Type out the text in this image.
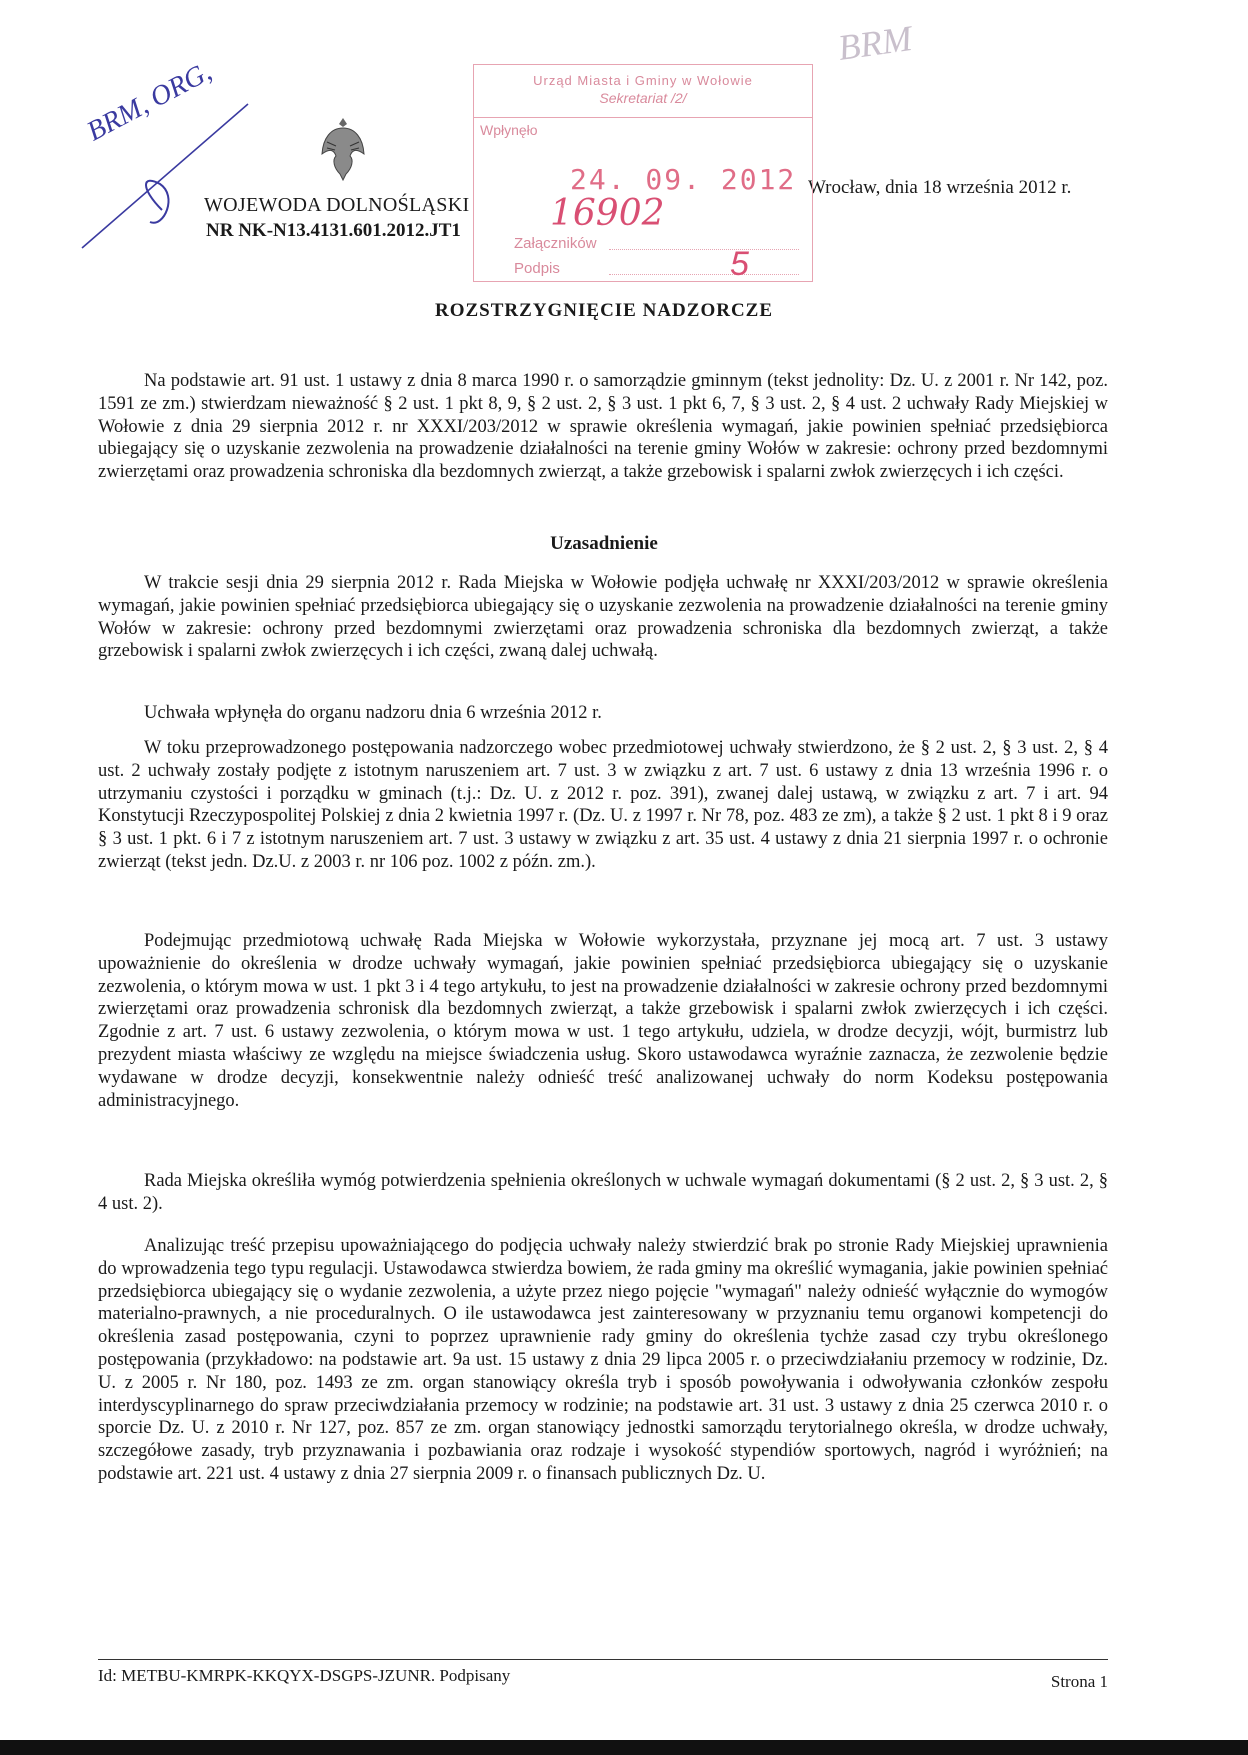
BRM
BRM, ORG,
WOJEWODA DOLNOŚLĄSKI
NR NK-N13.4131.601.2012.JT1
Wrocław, dnia 18 września 2012 r.
Urząd Miasta i Gminy w Wołowie
Sekretariat /2/
Wpłynęło
24. 09. 2012
16902
Załączników
Podpis	5
ROZSTRZYGNIĘCIE NADZORCZE

Na podstawie art. 91 ust. 1 ustawy z dnia 8 marca 1990 r. o samorządzie gminnym (tekst jednolity: Dz. U. z 2001 r. Nr 142, poz. 1591 ze zm.) stwierdzam nieważność § 2 ust. 1 pkt 8, 9, § 2 ust. 2, § 3 ust. 1 pkt 6, 7, § 3 ust. 2, § 4 ust. 2 uchwały Rady Miejskiej w Wołowie z dnia 29 sierpnia 2012 r. nr XXXI/203/2012 w sprawie określenia wymagań, jakie powinien spełniać przedsiębiorca ubiegający się o uzyskanie zezwolenia na prowadzenie działalności na terenie gminy Wołów w zakresie: ochrony przed bezdomnymi zwierzętami oraz prowadzenia schroniska dla bezdomnych zwierząt, a także grzebowisk i spalarni zwłok zwierzęcych i ich części.

Uzasadnienie

W trakcie sesji dnia 29 sierpnia 2012 r. Rada Miejska w Wołowie podjęła uchwałę nr XXXI/203/2012 w sprawie określenia wymagań, jakie powinien spełniać przedsiębiorca ubiegający się o uzyskanie zezwolenia na prowadzenie działalności na terenie gminy Wołów w zakresie: ochrony przed bezdomnymi zwierzętami oraz prowadzenia schroniska dla bezdomnych zwierząt, a także grzebowisk i spalarni zwłok zwierzęcych i ich części, zwaną dalej uchwałą.

Uchwała wpłynęła do organu nadzoru dnia 6 września 2012 r.

W toku przeprowadzonego postępowania nadzorczego wobec przedmiotowej uchwały stwierdzono, że § 2 ust. 2, § 3 ust. 2, § 4 ust. 2 uchwały zostały podjęte z istotnym naruszeniem art. 7 ust. 3 w związku z art. 7 ust. 6 ustawy z dnia 13 września 1996 r. o utrzymaniu czystości i porządku w gminach (t.j.: Dz. U. z 2012 r. poz. 391), zwanej dalej ustawą, w związku z art. 7 i art. 94 Konstytucji Rzeczypospolitej Polskiej z dnia 2 kwietnia 1997 r. (Dz. U. z 1997 r. Nr 78, poz. 483 ze zm), a także § 2 ust. 1 pkt 8 i 9 oraz § 3 ust. 1 pkt. 6 i 7 z istotnym naruszeniem art. 7 ust. 3 ustawy w związku z art. 35 ust. 4 ustawy z dnia 21 sierpnia 1997 r. o ochronie zwierząt (tekst jedn. Dz.U. z 2003 r. nr 106 poz. 1002 z późn. zm.).

Podejmując przedmiotową uchwałę Rada Miejska w Wołowie wykorzystała, przyznane jej mocą art. 7 ust. 3 ustawy upoważnienie do określenia w drodze uchwały wymagań, jakie powinien spełniać przedsiębiorca ubiegający się o uzyskanie zezwolenia, o którym mowa w ust. 1 pkt 3 i 4 tego artykułu, to jest na prowadzenie działalności w zakresie ochrony przed bezdomnymi zwierzętami oraz prowadzenia schronisk dla bezdomnych zwierząt, a także grzebowisk i spalarni zwłok zwierzęcych i ich części. Zgodnie z art. 7 ust. 6 ustawy zezwolenia, o którym mowa w ust. 1 tego artykułu, udziela, w drodze decyzji, wójt, burmistrz lub prezydent miasta właściwy ze względu na miejsce świadczenia usług. Skoro ustawodawca wyraźnie zaznacza, że zezwolenie będzie wydawane w drodze decyzji, konsekwentnie należy odnieść treść analizowanej uchwały do norm Kodeksu postępowania administracyjnego.

Rada Miejska określiła wymóg potwierdzenia spełnienia określonych w uchwale wymagań dokumentami (§ 2 ust. 2, § 3 ust. 2, § 4 ust. 2).

Analizując treść przepisu upoważniającego do podjęcia uchwały należy stwierdzić brak po stronie Rady Miejskiej uprawnienia do wprowadzenia tego typu regulacji. Ustawodawca stwierdza bowiem, że rada gminy ma określić wymagania, jakie powinien spełniać przedsiębiorca ubiegający się o wydanie zezwolenia, a użyte przez niego pojęcie "wymagań" należy odnieść wyłącznie do wymogów materialno-prawnych, a nie proceduralnych. O ile ustawodawca jest zainteresowany w przyznaniu temu organowi kompetencji do określenia zasad postępowania, czyni to poprzez uprawnienie rady gminy do określenia tychże zasad czy trybu określonego postępowania (przykładowo: na podstawie art. 9a ust. 15 ustawy z dnia 29 lipca 2005 r. o przeciwdziałaniu przemocy w rodzinie, Dz. U. z 2005 r. Nr 180, poz. 1493 ze zm. organ stanowiący określa tryb i sposób powoływania i odwoływania członków zespołu interdyscyplinarnego do spraw przeciwdziałania przemocy w rodzinie; na podstawie art. 31 ust. 3 ustawy z dnia 25 czerwca 2010 r. o sporcie Dz. U. z 2010 r. Nr 127, poz. 857 ze zm. organ stanowiący jednostki samorządu terytorialnego określa, w drodze uchwały, szczegółowe zasady, tryb przyznawania i pozbawiania oraz rodzaje i wysokość stypendiów sportowych, nagród i wyróżnień; na podstawie art. 221 ust. 4 ustawy z dnia 27 sierpnia 2009 r. o finansach publicznych Dz. U.

Id: METBU-KMRPK-KKQYX-DSGPS-JZUNR. Podpisany	Strona 1
